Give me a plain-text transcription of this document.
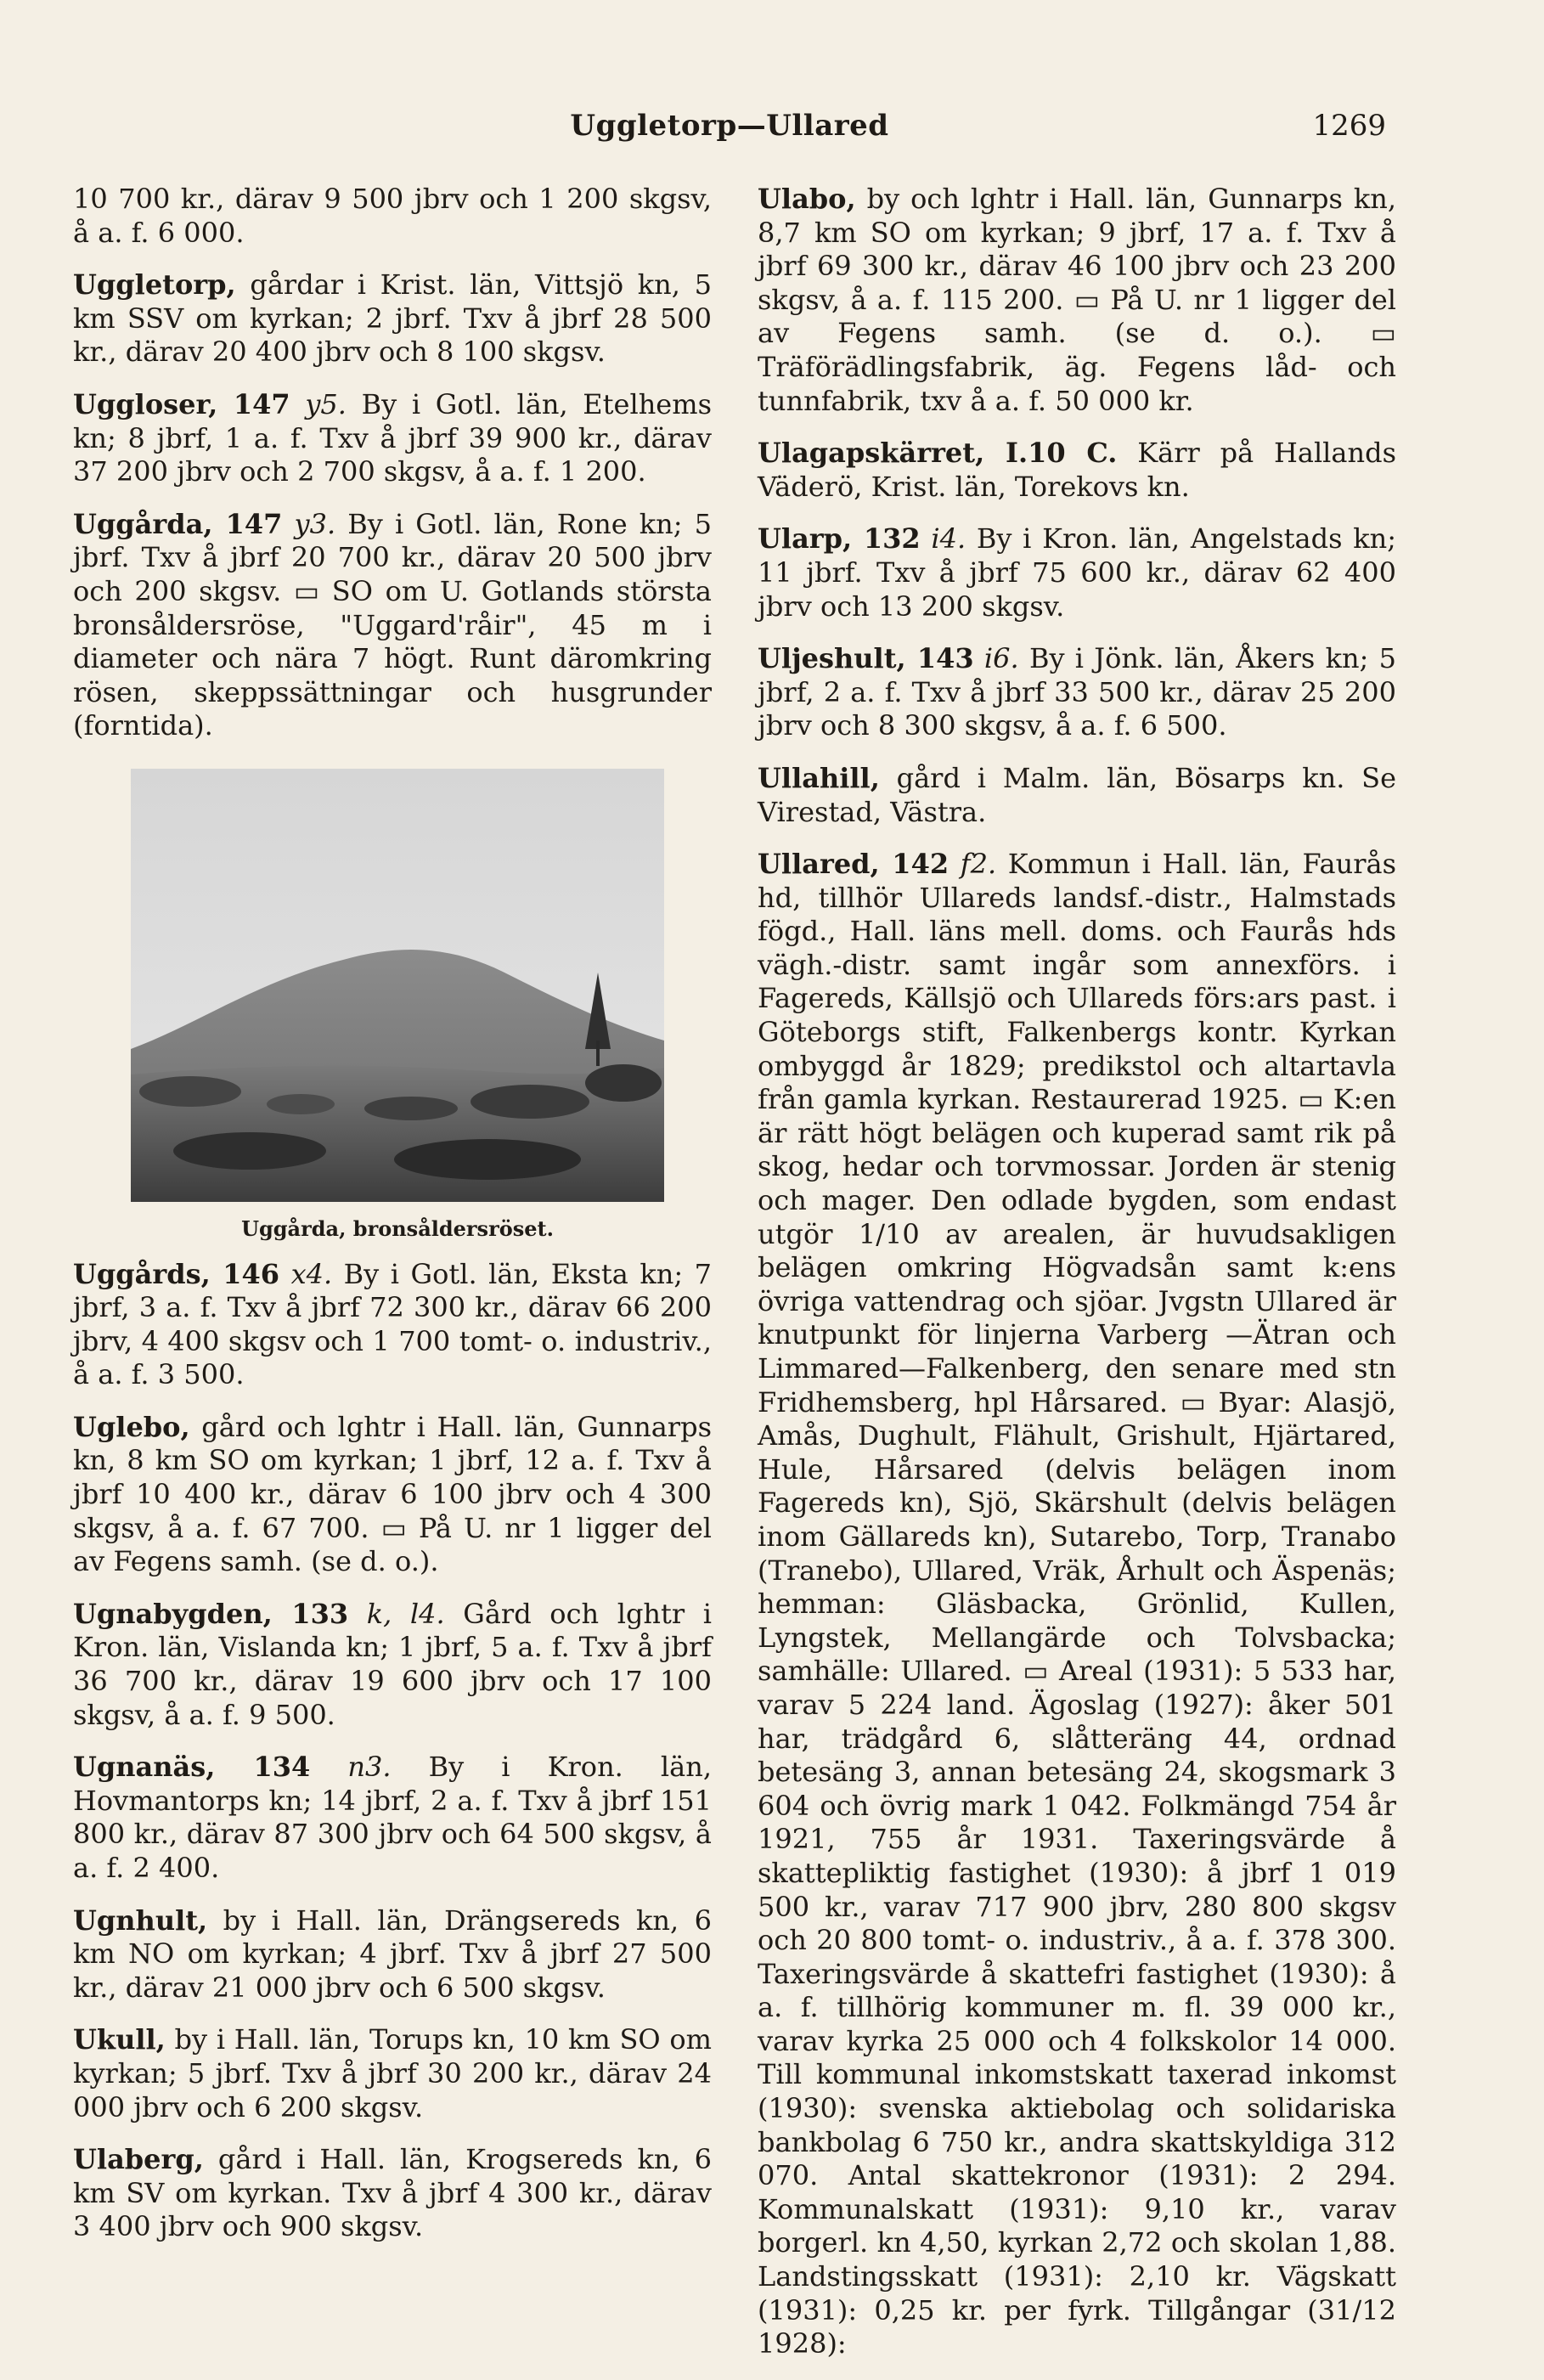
Uggletorp—Ullared	1269

10 700 kr., därav 9 500 jbrv och 1 200 skgsv, å a. f. 6 000.

Uggletorp, gårdar i Krist. län, Vittsjö kn, 5 km SSV om kyrkan; 2 jbrf. Txv å jbrf 28 500 kr., därav 20 400 jbrv och 8 100 skgsv.

Uggloser, 147 y5. By i Gotl. län, Etelhems kn; 8 jbrf, 1 a. f. Txv å jbrf 39 900 kr., därav 37 200 jbrv och 2 700 skgsv, å a. f. 1 200.

Uggårda, 147 y3. By i Gotl. län, Rone kn; 5 jbrf. Txv å jbrf 20 700 kr., därav 20 500 jbrv och 200 skgsv. ▭ SO om U. Gotlands största bronsåldersröse, "Uggard'råir", 45 m i diameter och nära 7 högt. Runt däromkring rösen, skeppssättningar och husgrunder (forntida).

Uggårda, bronsåldersröset.

Uggårds, 146 x4. By i Gotl. län, Eksta kn; 7 jbrf, 3 a. f. Txv å jbrf 72 300 kr., därav 66 200 jbrv, 4 400 skgsv och 1 700 tomt- o. industriv., å a. f. 3 500.

Uglebo, gård och lghtr i Hall. län, Gunnarps kn, 8 km SO om kyrkan; 1 jbrf, 12 a. f. Txv å jbrf 10 400 kr., därav 6 100 jbrv och 4 300 skgsv, å a. f. 67 700. ▭ På U. nr 1 ligger del av Fegens samh. (se d. o.).

Ugnabygden, 133 k, l4. Gård och lghtr i Kron. län, Vislanda kn; 1 jbrf, 5 a. f. Txv å jbrf 36 700 kr., därav 19 600 jbrv och 17 100 skgsv, å a. f. 9 500.

Ugnanäs, 134 n3. By i Kron. län, Hovmantorps kn; 14 jbrf, 2 a. f. Txv å jbrf 151 800 kr., därav 87 300 jbrv och 64 500 skgsv, å a. f. 2 400.

Ugnhult, by i Hall. län, Drängsereds kn, 6 km NO om kyrkan; 4 jbrf. Txv å jbrf 27 500 kr., därav 21 000 jbrv och 6 500 skgsv.

Ukull, by i Hall. län, Torups kn, 10 km SO om kyrkan; 5 jbrf. Txv å jbrf 30 200 kr., därav 24 000 jbrv och 6 200 skgsv.

Ulaberg, gård i Hall. län, Krogsereds kn, 6 km SV om kyrkan. Txv å jbrf 4 300 kr., därav 3 400 jbrv och 900 skgsv.

Ulabo, by och lghtr i Hall. län, Gunnarps kn, 8,7 km SO om kyrkan; 9 jbrf, 17 a. f. Txv å jbrf 69 300 kr., därav 46 100 jbrv och 23 200 skgsv, å a. f. 115 200. ▭ På U. nr 1 ligger del av Fegens samh. (se d. o.). ▭ Träförädlingsfabrik, äg. Fegens låd- och tunnfabrik, txv å a. f. 50 000 kr.

Ulagapskärret, I.10 C. Kärr på Hallands Väderö, Krist. län, Torekovs kn.

Ularp, 132 i4. By i Kron. län, Angelstads kn; 11 jbrf. Txv å jbrf 75 600 kr., därav 62 400 jbrv och 13 200 skgsv.

Uljeshult, 143 i6. By i Jönk. län, Åkers kn; 5 jbrf, 2 a. f. Txv å jbrf 33 500 kr., därav 25 200 jbrv och 8 300 skgsv, å a. f. 6 500.

Ullahill, gård i Malm. län, Bösarps kn. Se Virestad, Västra.

Ullared, 142 f2. Kommun i Hall. län, Faurås hd, tillhör Ullareds landsf.-distr., Halmstads fögd., Hall. läns mell. doms. och Faurås hds vägh.-distr. samt ingår som annexförs. i Fagereds, Källsjö och Ullareds förs:ars past. i Göteborgs stift, Falkenbergs kontr. Kyrkan ombyggd år 1829; predikstol och altartavla från gamla kyrkan. Restaurerad 1925. ▭ K:en är rätt högt belägen och kuperad samt rik på skog, hedar och torvmossar. Jorden är stenig och mager. Den odlade bygden, som endast utgör 1/10 av arealen, är huvudsakligen belägen omkring Högvadsån samt k:ens övriga vattendrag och sjöar. Jvgstn Ullared är knutpunkt för linjerna Varberg —Ätran och Limmared—Falkenberg, den senare med stn Fridhemsberg, hpl Hårsared. ▭ Byar: Alasjö, Amås, Dughult, Flähult, Grishult, Hjärtared, Hule, Hårsared (delvis belägen inom Fagereds kn), Sjö, Skärshult (delvis belägen inom Gällareds kn), Sutarebo, Torp, Tranabo (Tranebo), Ullared, Vräk, Århult och Äspenäs; hemman: Gläsbacka, Grönlid, Kullen, Lyngstek, Mellangärde och Tolvsbacka; samhälle: Ullared. ▭ Areal (1931): 5 533 har, varav 5 224 land. Ägoslag (1927): åker 501 har, trädgård 6, slåtteräng 44, ordnad betesäng 3, annan betesäng 24, skogsmark 3 604 och övrig mark 1 042. Folkmängd 754 år 1921, 755 år 1931. Taxeringsvärde å skattepliktig fastighet (1930): å jbrf 1 019 500 kr., varav 717 900 jbrv, 280 800 skgsv och 20 800 tomt- o. industriv., å a. f. 378 300. Taxeringsvärde å skattefri fastighet (1930): å a. f. tillhörig kommuner m. fl. 39 000 kr., varav kyrka 25 000 och 4 folkskolor 14 000. Till kommunal inkomstskatt taxerad inkomst (1930): svenska aktiebolag och solidariska bankbolag 6 750 kr., andra skattskyldiga 312 070. Antal skattekronor (1931): 2 294. Kommunalskatt (1931): 9,10 kr., varav borgerl. kn 4,50, kyrkan 2,72 och skolan 1,88. Landstingsskatt (1931): 2,10 kr. Vägskatt (1931): 0,25 kr. per fyrk. Tillgångar (31/12 1928):
